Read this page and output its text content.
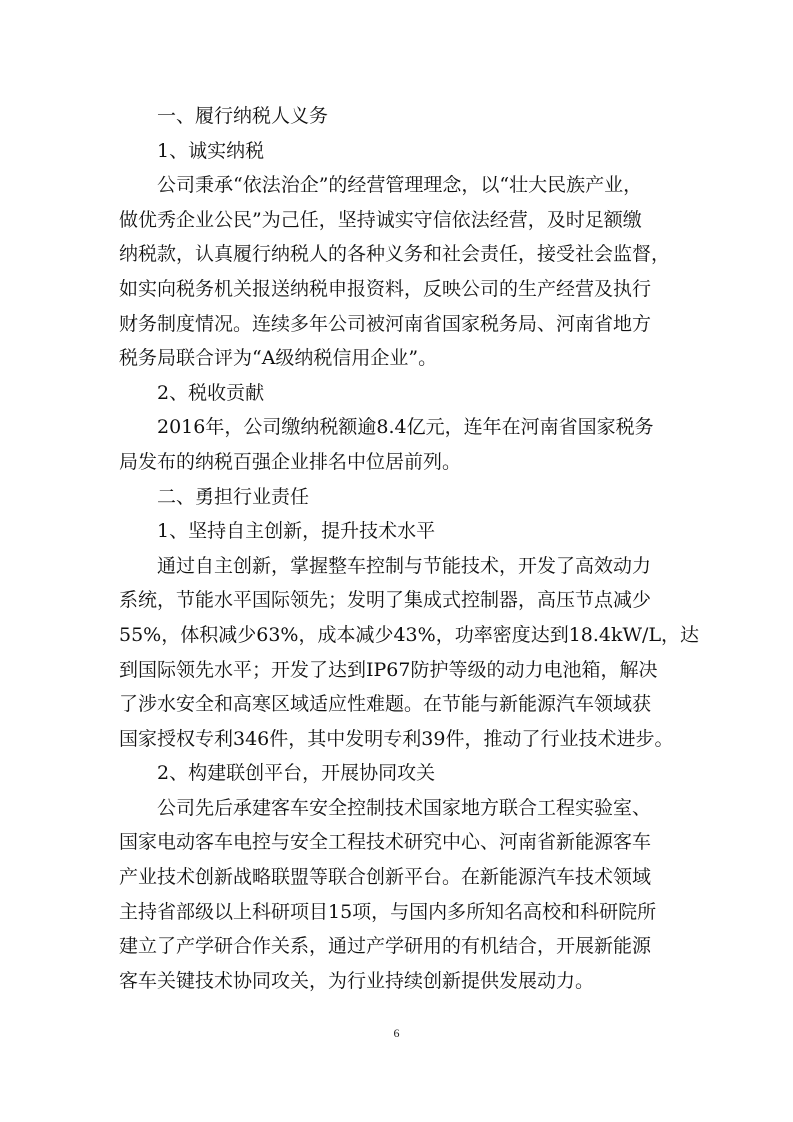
一、履行纳税人义务

1、诚实纳税

公司秉承“依法治企”的经营管理理念，以“壮大民族产业，

做优秀企业公民”为己任，坚持诚实守信依法经营，及时足额缴

纳税款，认真履行纳税人的各种义务和社会责任，接受社会监督，

如实向税务机关报送纳税申报资料，反映公司的生产经营及执行

财务制度情况。连续多年公司被河南省国家税务局、河南省地方

税务局联合评为“A级纳税信用企业”。

2、税收贡献

2016年，公司缴纳税额逾8.4亿元，连年在河南省国家税务

局发布的纳税百强企业排名中位居前列。

二、勇担行业责任

1、坚持自主创新，提升技术水平

通过自主创新，掌握整车控制与节能技术，开发了高效动力

系统，节能水平国际领先；发明了集成式控制器，高压节点减少

55%，体积减少63%，成本减少43%，功率密度达到18.4kW/L，达

到国际领先水平；开发了达到IP67防护等级的动力电池箱，解决

了涉水安全和高寒区域适应性难题。在节能与新能源汽车领域获

国家授权专利346件，其中发明专利39件，推动了行业技术进步。

2、构建联创平台，开展协同攻关

公司先后承建客车安全控制技术国家地方联合工程实验室、

国家电动客车电控与安全工程技术研究中心、河南省新能源客车

产业技术创新战略联盟等联合创新平台。在新能源汽车技术领域

主持省部级以上科研项目15项，与国内多所知名高校和科研院所

建立了产学研合作关系，通过产学研用的有机结合，开展新能源

客车关键技术协同攻关，为行业持续创新提供发展动力。

6
